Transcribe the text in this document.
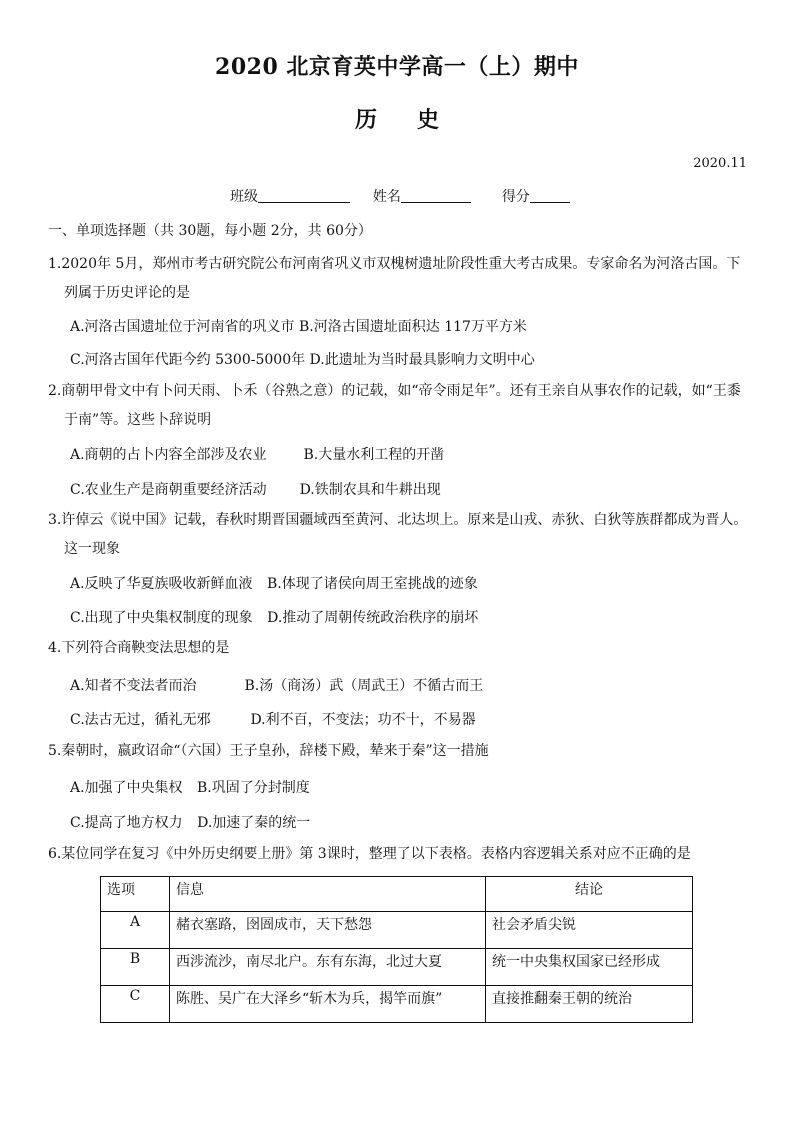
2020 北京育英中学高一（上）期中
历史
2020.11
班级	姓名	得分
一、单项选择题（共 30题，每小题 2分，共 60分）
1.2020年 5月，郑州市考古研究院公布河南省巩义市双槐树遗址阶段性重大考古成果。专家命名为河洛古国。下
列属于历史评论的是
A.河洛古国遗址位于河南省的巩义市 B.河洛古国遗址面积达 117万平方米
C.河洛古国年代距今约 5300-5000年 D.此遗址为当时最具影响力文明中心
2.商朝甲骨文中有卜问天雨、卜禾（谷熟之意）的记载，如“帝令雨足年”。还有王亲自从事农作的记载，如“王黍
于南”等。这些卜辞说明
A.商朝的占卜内容全部涉及农业	B.大量水利工程的开凿
C.农业生产是商朝重要经济活动 D.铁制农具和牛耕出现
3.许倬云《说中国》记载，春秋时期晋国疆域西至黄河、北达坝上。原来是山戎、赤狄、白狄等族群都成为晋人。
这一现象
A.反映了华夏族吸收新鲜血液 B.体现了诸侯向周王室挑战的迹象
C.出现了中央集权制度的现象 D.推动了周朝传统政治秩序的崩坏
4.下列符合商鞅变法思想的是
A.知者不变法者而治	B.汤（商汤）武（周武王）不循古而王
C.法古无过，循礼无邪	D.利不百，不变法；功不十，不易器
5.秦朝时，嬴政诏命“（六国）王子皇孙，辞楼下殿，辇来于秦”这一措施
A.加强了中央集权 B.巩固了分封制度
C.提高了地方权力 D.加速了秦的统一
6.某位同学在复习《中外历史纲要上册》第 3课时，整理了以下表格。表格内容逻辑关系对应不正确的是
选项	信息	结论
A	赭衣塞路，囹圄成市，天下愁怨	社会矛盾尖锐
B	西涉流沙，南尽北户。东有东海，北过大夏	统一中央集权国家已经形成
C	陈胜、吴广在大泽乡“斩木为兵，揭竿而旗”	直接推翻秦王朝的统治
